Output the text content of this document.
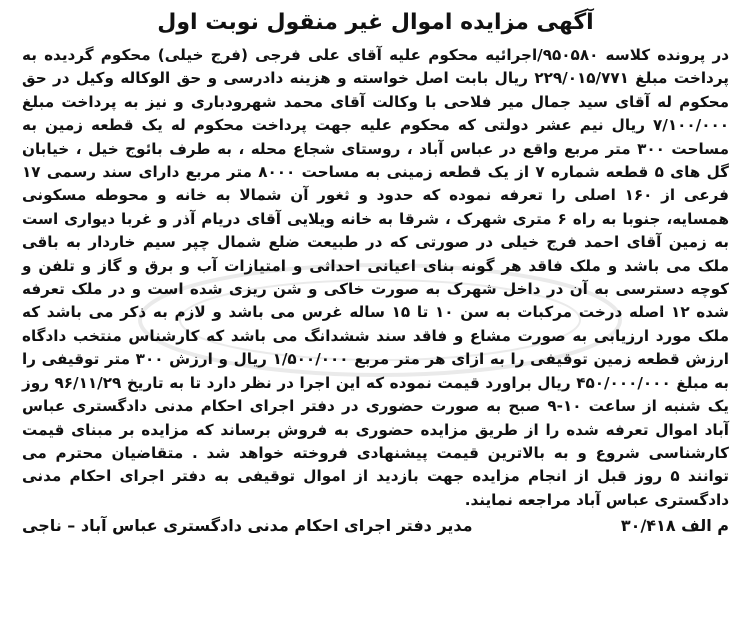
آگهی مزایده اموال غیر منقول نوبت اول

در پرونده کلاسه ۹۵۰۵۸۰/اجرائیه محکوم علیه آقای علی فرجی (فرج خیلی) محکوم گردیده به پرداخت مبلغ ۲۲۹/۰۱۵/۷۷۱ ریال بابت اصل خواسته و هزینه دادرسی و حق الوکاله وکیل در حق محکوم له آقای سید جمال میر فلاحی با وکالت آقای محمد شهرودباری و نیز به پرداخت مبلغ ۷/۱۰۰/۰۰۰ ریال نیم عشر دولتی که محکوم علیه جهت پرداخت محکوم له یک قطعه زمین به مساحت ۳۰۰ متر مربع واقع در عباس آباد ، روستای شجاع محله ، به طرف بائوج خیل ، خیابان گل های ۵ قطعه شماره ۷ از یک قطعه زمینی به مساحت ۸۰۰۰ متر مربع دارای سند رسمی ۱۷ فرعی از ۱۶۰ اصلی را تعرفه نموده که حدود و ثغور آن شمالا به خانه و محوطه مسکونی همسایه، جنوبا به راه ۶ متری شهرک ، شرقا به خانه ویلایی آقای دریام آذر و غربا دیواری است به زمین آقای احمد فرج خیلی در صورتی که در طبیعت ضلع شمال چپر سیم خاردار به باقی ملک می باشد و ملک فاقد هر گونه بنای اعیانی احداثی و امتیازات آب و برق و گاز و تلفن و کوچه دسترسی به آن در داخل شهرک به صورت خاکی و شن ریزی شده است و در ملک تعرفه شده ۱۲ اصله درخت مرکبات به سن ۱۰ تا ۱۵ ساله غرس می باشد و لازم به ذکر می باشد که ملک مورد ارزیابی به صورت مشاع و فاقد سند ششدانگ می باشد که کارشناس منتخب دادگاه ارزش قطعه زمین توقیفی را به ازای هر متر مربع ۱/۵۰۰/۰۰۰ ریال و ارزش ۳۰۰ متر توقیفی را به مبلغ ۴۵۰/۰۰۰/۰۰۰ ریال براورد قیمت نموده که این اجرا در نظر دارد تا به تاریخ ۹۶/۱۱/۲۹ روز یک شنبه از ساعت ۱۰-۹ صبح به صورت حضوری در دفتر اجرای احکام مدنی دادگستری عباس آباد اموال تعرفه شده را از طریق مزایده حضوری به فروش برساند که مزایده بر مبنای قیمت کارشناسی شروع و به بالاترین قیمت پیشنهادی فروخته خواهد شد . متقاضیان محترم می توانند ۵ روز قبل از انجام مزایده جهت بازدید از اموال توقیفی به دفتر اجرای احکام مدنی دادگستری عباس آباد مراجعه نمایند.

م الف ۳۰/۴۱۸
مدیر دفتر اجرای احکام مدنی دادگستری عباس آباد – ناجی
